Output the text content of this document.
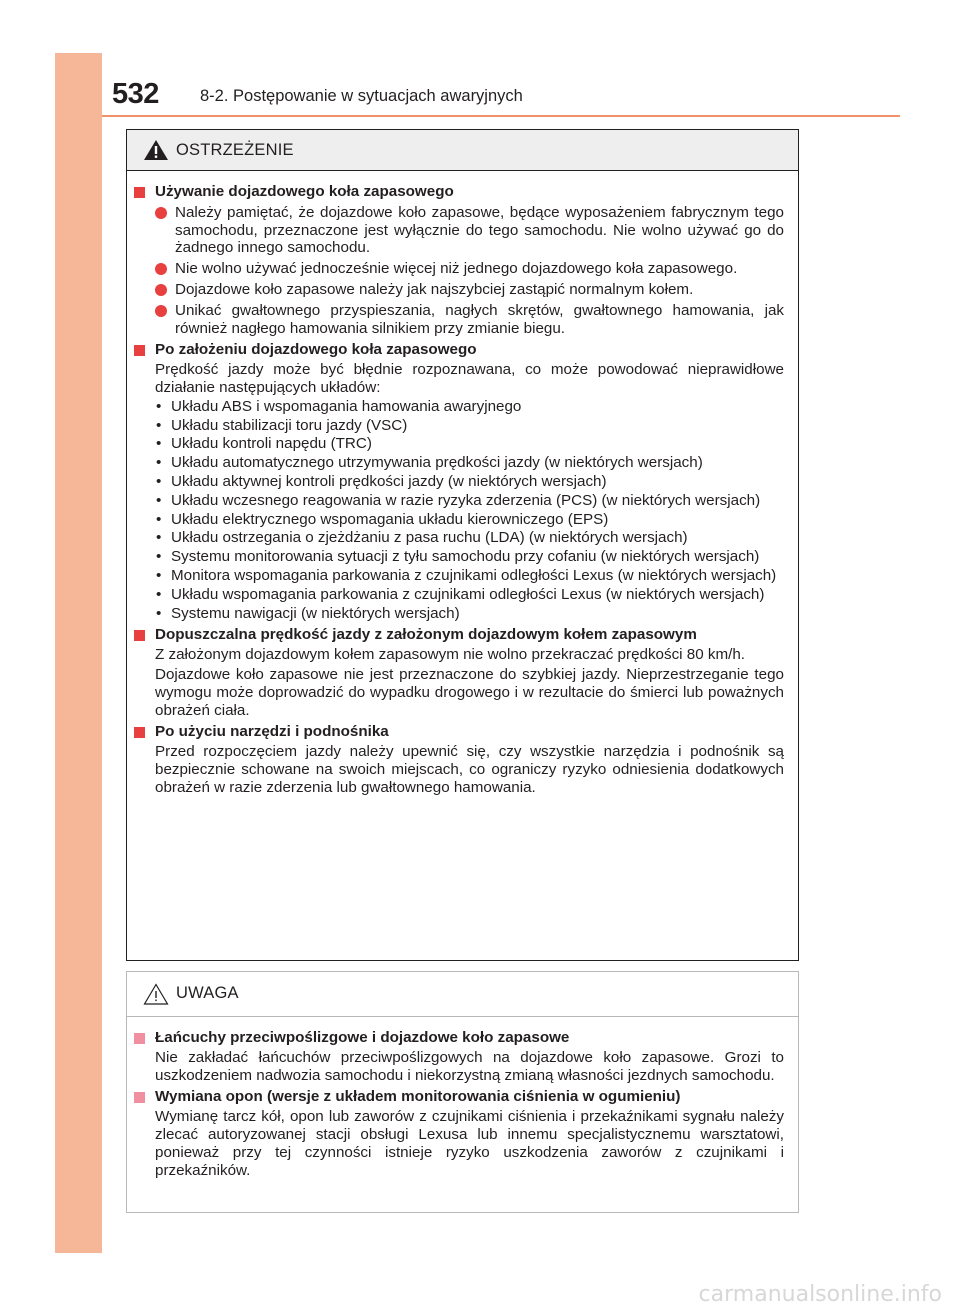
532 8-2. Postępowanie w sytuacjach awaryjnych
OSTRZEŻENIE
Używanie dojazdowego koła zapasowego
Należy pamiętać, że dojazdowe koło zapasowe, będące wyposażeniem fabrycznym tego samochodu, przeznaczone jest wyłącznie do tego samochodu. Nie wolno używać go do żadnego innego samochodu.
Nie wolno używać jednocześnie więcej niż jednego dojazdowego koła zapasowego.
Dojazdowe koło zapasowe należy jak najszybciej zastąpić normalnym kołem.
Unikać gwałtownego przyspieszania, nagłych skrętów, gwałtownego hamowania, jak również nagłego hamowania silnikiem przy zmianie biegu.
Po założeniu dojazdowego koła zapasowego
Prędkość jazdy może być błędnie rozpoznawana, co może powodować nieprawidłowe działanie następujących układów:
• Układu ABS i wspomagania hamowania awaryjnego
• Układu stabilizacji toru jazdy (VSC)
• Układu kontroli napędu (TRC)
• Układu automatycznego utrzymywania prędkości jazdy (w niektórych wersjach)
• Układu aktywnej kontroli prędkości jazdy (w niektórych wersjach)
• Układu wczesnego reagowania w razie ryzyka zderzenia (PCS) (w niektórych wersjach)
• Układu elektrycznego wspomagania układu kierowniczego (EPS)
• Układu ostrzegania o zjeżdżaniu z pasa ruchu (LDA) (w niektórych wersjach)
• Systemu monitorowania sytuacji z tyłu samochodu przy cofaniu (w niektórych wersjach)
• Monitora wspomagania parkowania z czujnikami odległości Lexus (w niektórych wersjach)
• Układu wspomagania parkowania z czujnikami odległości Lexus (w niektórych wersjach)
• Systemu nawigacji (w niektórych wersjach)
Dopuszczalna prędkość jazdy z założonym dojazdowym kołem zapasowym
Z założonym dojazdowym kołem zapasowym nie wolno przekraczać prędkości 80 km/h.
Dojazdowe koło zapasowe nie jest przeznaczone do szybkiej jazdy. Nieprzestrzeganie tego wymogu może doprowadzić do wypadku drogowego i w rezultacie do śmierci lub poważnych obrażeń ciała.
Po użyciu narzędzi i podnośnika
Przed rozpoczęciem jazdy należy upewnić się, czy wszystkie narzędzia i podnośnik są bezpiecznie schowane na swoich miejscach, co ograniczy ryzyko odniesienia dodatkowych obrażeń w razie zderzenia lub gwałtownego hamowania.
UWAGA
Łańcuchy przeciwpoślizgowe i dojazdowe koło zapasowe
Nie zakładać łańcuchów przeciwpoślizgowych na dojazdowe koło zapasowe. Grozi to uszkodzeniem nadwozia samochodu i niekorzystną zmianą własności jezdnych samochodu.
Wymiana opon (wersje z układem monitorowania ciśnienia w ogumieniu)
Wymianę tarcz kół, opon lub zaworów z czujnikami ciśnienia i przekaźnikami sygnału należy zlecać autoryzowanej stacji obsługi Lexusa lub innemu specjalistycznemu warsztatowi, ponieważ przy tej czynności istnieje ryzyko uszkodzenia zaworów z czujnikami i przekaźników.
carmanualsonline.info
